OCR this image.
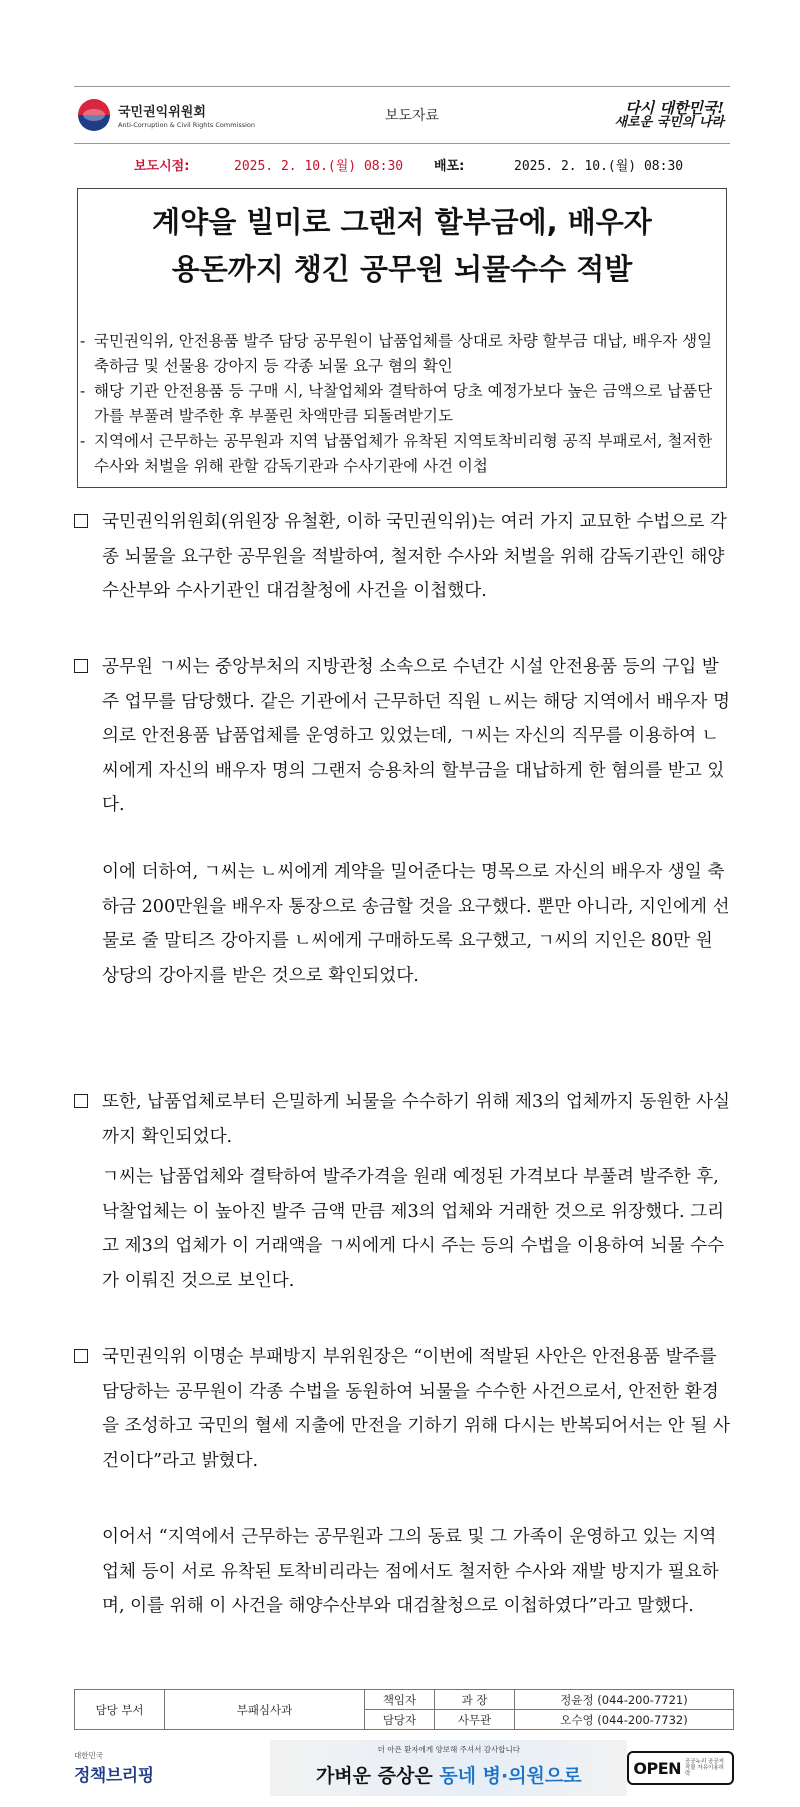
국민권익위원회
Anti-Corruption & Civil Rights Commission
보도자료	다시 대한민국!
새로운 국민의 나라
보도시점:	2025. 2. 10.(월) 08:30	배포:	2025. 2. 10.(월) 08:30
계약을 빌미로 그랜저 할부금에, 배우자
용돈까지 챙긴 공무원 뇌물수수 적발
- 국민권익위, 안전용품 발주 담당 공무원이 납품업체를 상대로 차량 할부금 대납, 배우자 생일 축하금 및 선물용 강아지 등 각종 뇌물 요구 혐의 확인
- 해당 기관 안전용품 등 구매 시, 낙찰업체와 결탁하여 당초 예정가보다 높은 금액으로 납품단가를 부풀려 발주한 후 부풀린 차액만큼 되돌려받기도
- 지역에서 근무하는 공무원과 지역 납품업체가 유착된 지역토착비리형 공직 부패로서, 철저한 수사와 처벌을 위해 관할 감독기관과 수사기관에 사건 이첩
국민권익위원회(위원장 유철환, 이하 국민권익위)는 여러 가지 교묘한 수법으로 각종 뇌물을 요구한 공무원을 적발하여, 철저한 수사와 처벌을 위해 감독기관인 해양수산부와 수사기관인 대검찰청에 사건을 이첩했다.
공무원 ㄱ씨는 중앙부처의 지방관청 소속으로 수년간 시설 안전용품 등의 구입 발주 업무를 담당했다. 같은 기관에서 근무하던 직원 ㄴ씨는 해당 지역에서 배우자 명의로 안전용품 납품업체를 운영하고 있었는데, ㄱ씨는 자신의 직무를 이용하여 ㄴ씨에게 자신의 배우자 명의 그랜저 승용차의 할부금을 대납하게 한 혐의를 받고 있다.
이에 더하여, ㄱ씨는 ㄴ씨에게 계약을 밀어준다는 명목으로 자신의 배우자 생일 축하금 200만원을 배우자 통장으로 송금할 것을 요구했다. 뿐만 아니라, 지인에게 선물로 줄 말티즈 강아지를 ㄴ씨에게 구매하도록 요구했고, ㄱ씨의 지인은 80만 원 상당의 강아지를 받은 것으로 확인되었다.
또한, 납품업체로부터 은밀하게 뇌물을 수수하기 위해 제3의 업체까지 동원한 사실까지 확인되었다.
ㄱ씨는 납품업체와 결탁하여 발주가격을 원래 예정된 가격보다 부풀려 발주한 후, 낙찰업체는 이 높아진 발주 금액 만큼 제3의 업체와 거래한 것으로 위장했다. 그리고 제3의 업체가 이 거래액을 ㄱ씨에게 다시 주는 등의 수법을 이용하여 뇌물 수수가 이뤄진 것으로 보인다.
국민권익위 이명순 부패방지 부위원장은 “이번에 적발된 사안은 안전용품 발주를 담당하는 공무원이 각종 수법을 동원하여 뇌물을 수수한 사건으로서, 안전한 환경을 조성하고 국민의 혈세 지출에 만전을 기하기 위해 다시는 반복되어서는 안 될 사건이다”라고 밝혔다.
이어서 “지역에서 근무하는 공무원과 그의 동료 및 그 가족이 운영하고 있는 지역 업체 등이 서로 유착된 토착비리라는 점에서도 철저한 수사와 재발 방지가 필요하며, 이를 위해 이 사건을 해양수산부와 대검찰청으로 이첩하였다”라고 말했다.
담당 부서	부패심사과	책임자	과 장	정윤정 (044-200-7721)
		담당자	사무관	오수영 (044-200-7732)
대한민국
정책브리핑
더 아픈 환자에게 양보해 주셔서 감사합니다
가벼운 증상은 동네 병·의원으로	OPEN 공공누리 공공저작물 자유이용허락
